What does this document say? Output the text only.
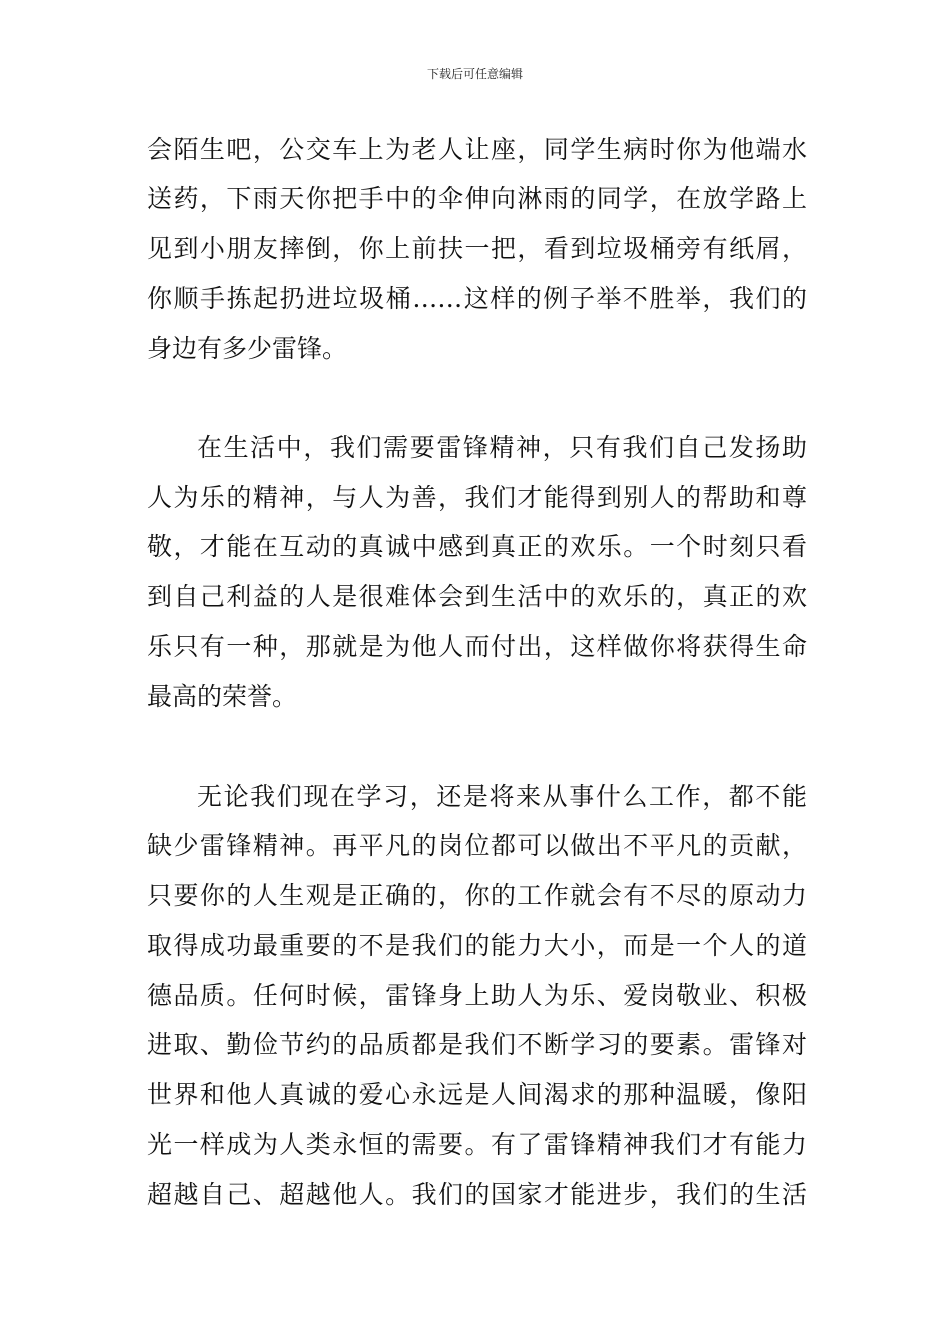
下载后可任意编辑
会陌生吧，公交车上为老人让座，同学生病时你为他端水
送药，下雨天你把手中的伞伸向淋雨的同学，在放学路上
见到小朋友摔倒，你上前扶一把，看到垃圾桶旁有纸屑，
你顺手拣起扔进垃圾桶……这样的例子举不胜举，我们的
身边有多少雷锋。
在生活中，我们需要雷锋精神，只有我们自己发扬助
人为乐的精神，与人为善，我们才能得到别人的帮助和尊
敬，才能在互动的真诚中感到真正的欢乐。一个时刻只看
到自己利益的人是很难体会到生活中的欢乐的，真正的欢
乐只有一种，那就是为他人而付出，这样做你将获得生命
最高的荣誉。
无论我们现在学习，还是将来从事什么工作，都不能
缺少雷锋精神。再平凡的岗位都可以做出不平凡的贡献，
只要你的人生观是正确的，你的工作就会有不尽的原动力
取得成功最重要的不是我们的能力大小，而是一个人的道
德品质。任何时候，雷锋身上助人为乐、爱岗敬业、积极
进取、勤俭节约的品质都是我们不断学习的要素。雷锋对
世界和他人真诚的爱心永远是人间渴求的那种温暖，像阳
光一样成为人类永恒的需要。有了雷锋精神我们才有能力
超越自己、超越他人。我们的国家才能进步，我们的生活
